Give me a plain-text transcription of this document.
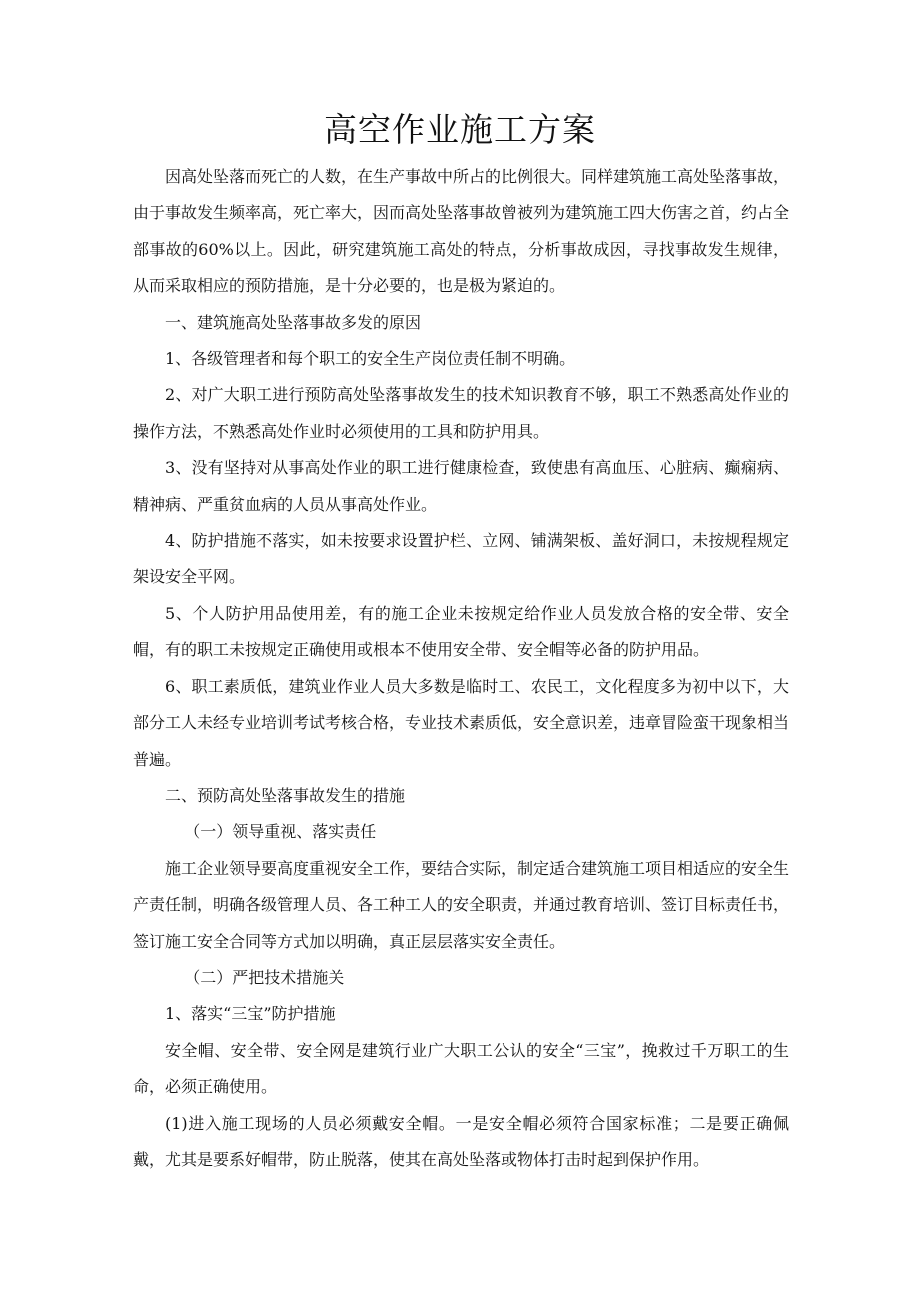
高空作业施工方案

因高处坠落而死亡的人数，在生产事故中所占的比例很大。同样建筑施工高处坠落事故，由于事故发生频率高，死亡率大，因而高处坠落事故曾被列为建筑施工四大伤害之首，约占全部事故的60%以上。因此，研究建筑施工高处的特点，分析事故成因，寻找事故发生规律，从而采取相应的预防措施，是十分必要的，也是极为紧迫的。

一、建筑施高处坠落事故多发的原因

1、各级管理者和每个职工的安全生产岗位责任制不明确。

2、对广大职工进行预防高处坠落事故发生的技术知识教育不够，职工不熟悉高处作业的操作方法，不熟悉高处作业时必须使用的工具和防护用具。

3、没有坚持对从事高处作业的职工进行健康检查，致使患有高血压、心脏病、癫痫病、精神病、严重贫血病的人员从事高处作业。

4、防护措施不落实，如未按要求设置护栏、立网、铺满架板、盖好洞口，未按规程规定架设安全平网。

5、个人防护用品使用差，有的施工企业未按规定给作业人员发放合格的安全带、安全帽，有的职工未按规定正确使用或根本不使用安全带、安全帽等必备的防护用品。

6、职工素质低，建筑业作业人员大多数是临时工、农民工，文化程度多为初中以下，大部分工人未经专业培训考试考核合格，专业技术素质低，安全意识差，违章冒险蛮干现象相当普遍。

二、预防高处坠落事故发生的措施

（一）领导重视、落实责任

施工企业领导要高度重视安全工作，要结合实际，制定适合建筑施工项目相适应的安全生产责任制，明确各级管理人员、各工种工人的安全职责，并通过教育培训、签订目标责任书，签订施工安全合同等方式加以明确，真正层层落实安全责任。

（二）严把技术措施关

1、落实“三宝”防护措施

安全帽、安全带、安全网是建筑行业广大职工公认的安全“三宝”，挽救过千万职工的生命，必须正确使用。

(1)进入施工现场的人员必须戴安全帽。一是安全帽必须符合国家标准；二是要正确佩戴，尤其是要系好帽带，防止脱落，使其在高处坠落或物体打击时起到保护作用。
